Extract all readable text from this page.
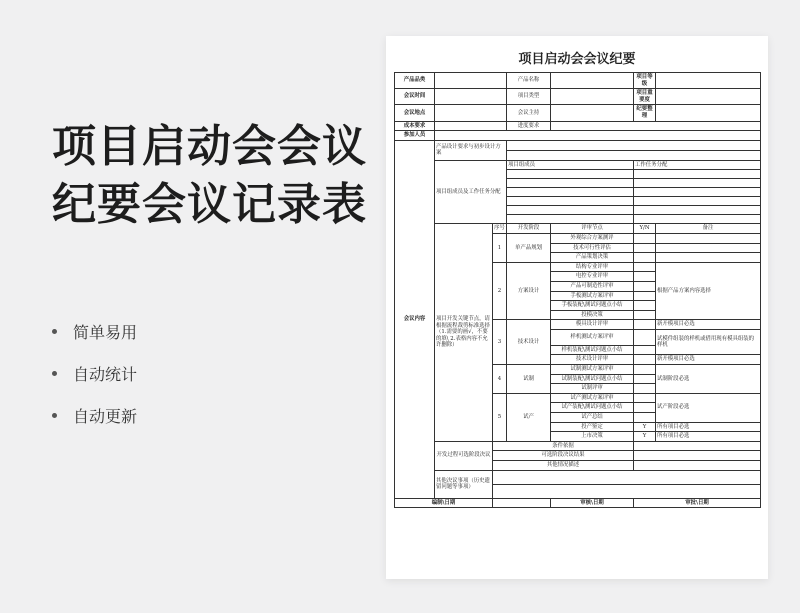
项目启动会会议纪要会议记录表
简单易用
自动统计
自动更新
项目启动会会议纪要
产品品类			产品名称		项目等级	
会议时间			项目类型		项目重要度	
会议地点			会议主持		纪要整理	
成本要求			进度要求			
参加人员						
会议内容	产品设计要求与初步设计方案					

	项目组成员及工作任务分配		项目组成员		工作任务分配	

	项目开发关键节点，请根据流程裁剪标准选择（1.需要的画√，不要的填\ 2.表格内容不允许删除）	序号	开发阶段	评审节点	Y/N	备注
		1	单产品规划	外观综合方案测评		
				技术可行性评估		
				产品策划决策		
		2	方案设计	结构专业评审		根据产品方案内容选择
				电控专业评审		
				产品可制造性评审		
				手板测试方案评审		
				手板装配\测试问题点小结		
				投模决策		
		3	技术设计	模具设计评审		新开模项目必选
				样机测试方案评审		试模件组装的样机或借用现有模具组装的样机
				样机装配\测试问题点小结		
				技术设计评审		新开模项目必选
		4	试制	试制测试方案评审		试制阶段必选
				试制装配\测试问题点小结		
				试制评审		
		5	试产	试产测试方案评审		试产阶段必选
				试产装配\测试问题点小结		
				试产总结		
				投产鉴定	Y	所有项目必选
				上市决策	Y	所有项目必选
	开发过程可选阶段决议	条件依据				
		可选阶段决议结果				
		其他情况描述				
	其他决议事项（历史遗留问题等事项）					

编制\日期				审核\日期	审批\日期	
